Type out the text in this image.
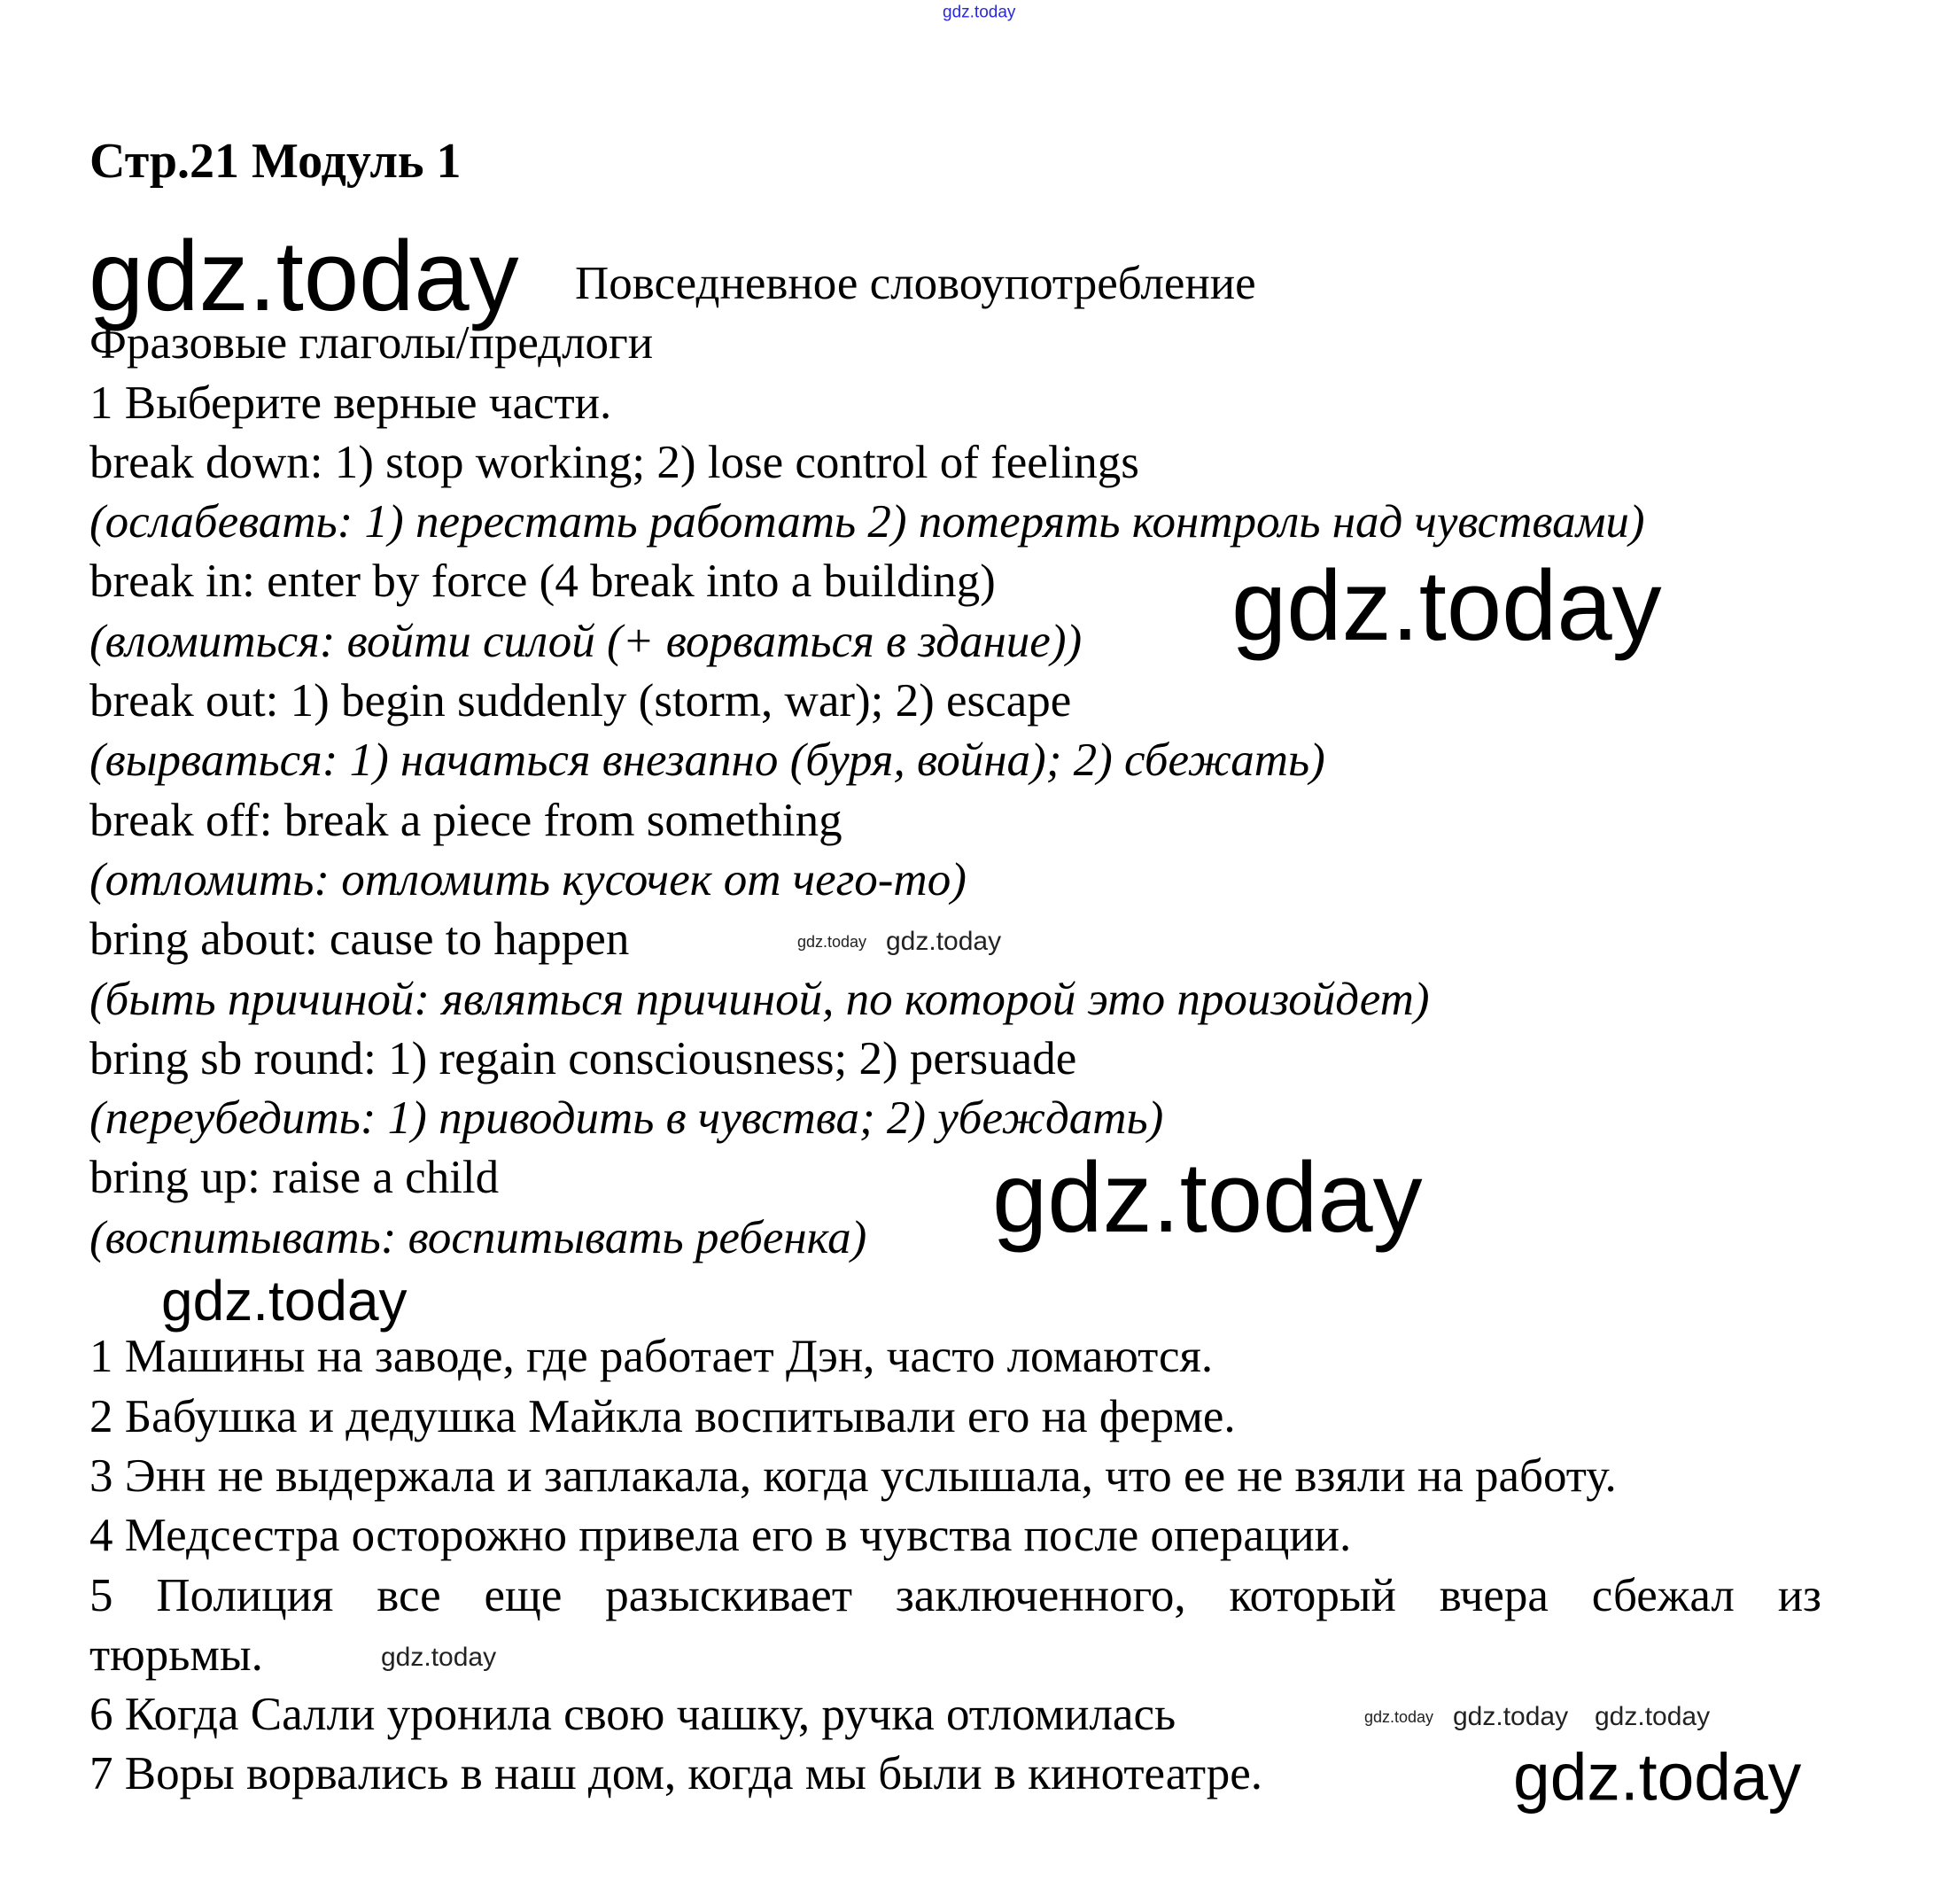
gdz.today
Стр.21 Модуль 1
Повседневное словоупотребление
Фразовые глаголы/предлоги
1 Выберите верные части.
break down: 1) stop working; 2) lose control of feelings
(ослабевать: 1) перестать работать 2) потерять контроль над чувствами)
break in: enter by force (4 break into a building)
(вломиться: войти силой (+ ворваться в здание))
break out: 1) begin suddenly (storm, war); 2) escape
(вырваться: 1) начаться внезапно (буря, война); 2) сбежать)
break off: break a piece from something
(отломить: отломить кусочек от чего-то)
bring about: cause to happen
(быть причиной: являться причиной, по которой это произойдет)
bring sb round: 1) regain consciousness; 2) persuade
(переубедить: 1) приводить в чувства; 2) убеждать)
bring up: raise a child
(воспитывать: воспитывать ребенка)
1 Машины на заводе, где работает Дэн, часто ломаются.
2 Бабушка и дедушка Майкла воспитывали его на ферме.
3 Энн не выдержала и заплакала, когда услышала, что ее не взяли на работу.
4 Медсестра осторожно привела его в чувства после операции.
5 Полиция все еще разыскивает заключенного, который вчера сбежал из
тюрьмы.
6 Когда Салли уронила свою чашку, ручка отломилась
7 Воры ворвались в наш дом, когда мы были в кинотеатре.
gdz.today
gdz.today
gdz.today
gdz.today
gdz.today
gdz.today gdz.today
gdz.today
gdz.today gdz.today gdz.today
